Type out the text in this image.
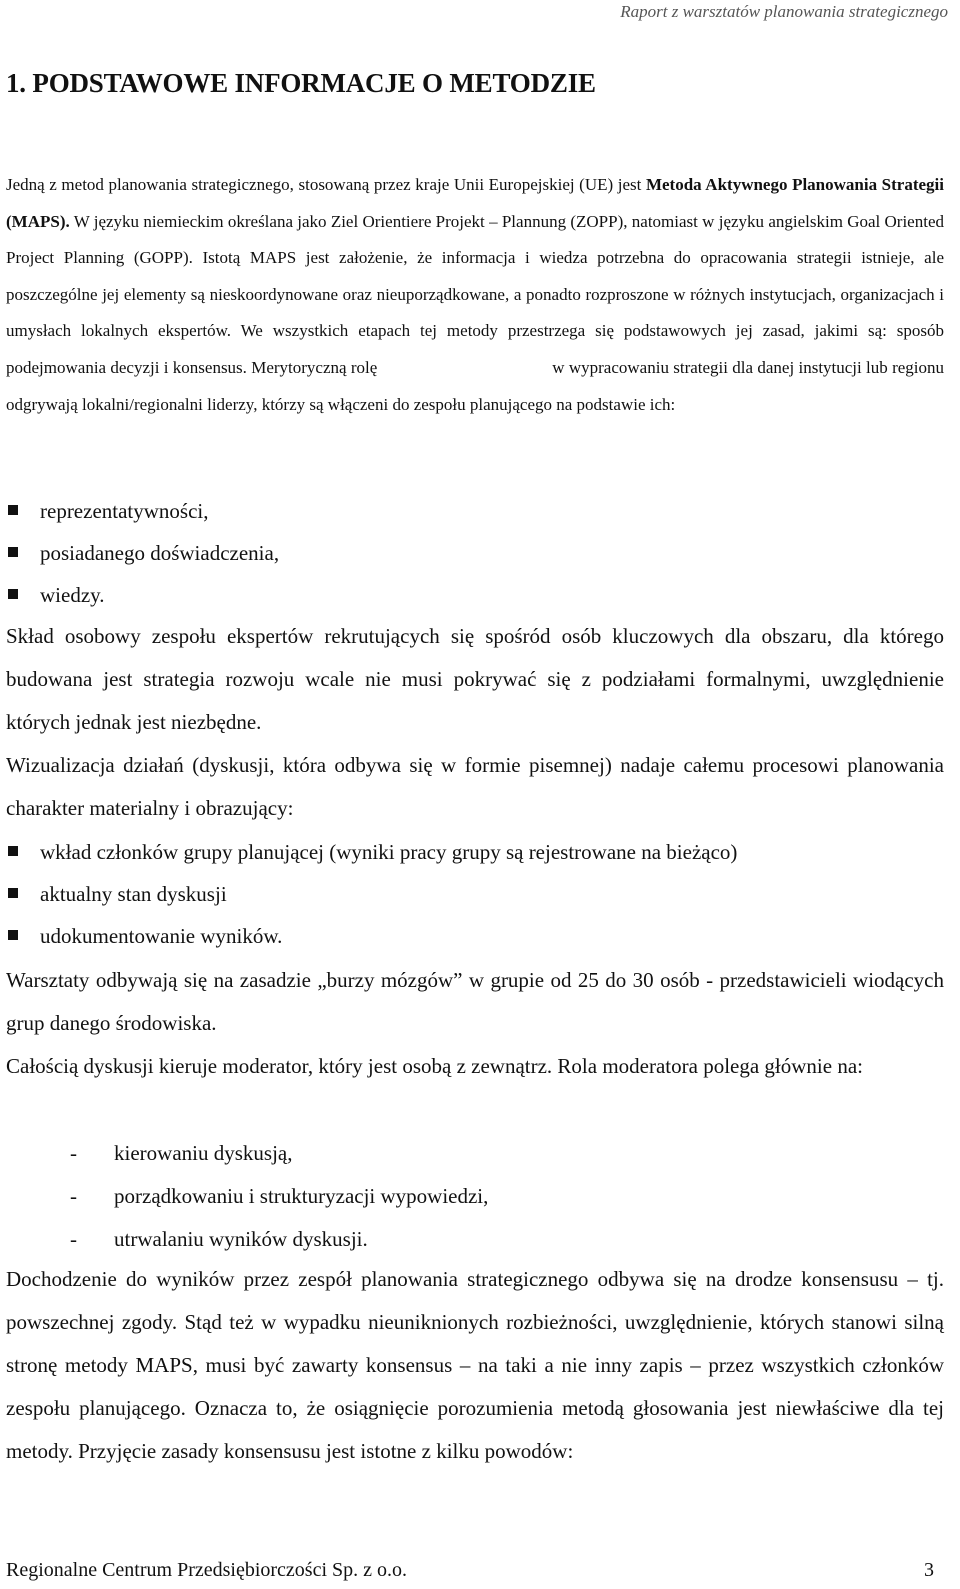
Raport z warsztatów planowania strategicznego
1. PODSTAWOWE INFORMACJE O METODZIE
Jedną z metod planowania strategicznego, stosowaną przez kraje Unii Europejskiej (UE) jest Metoda Aktywnego Planowania Strategii (MAPS). W języku niemieckim określana jako Ziel Orientiere Projekt – Plannung (ZOPP), natomiast w języku angielskim Goal Oriented Project Planning (GOPP). Istotą MAPS jest założenie, że informacja i wiedza potrzebna do opracowania strategii istnieje, ale poszczególne jej elementy są nieskoordynowane oraz nieuporządkowane, a ponadto rozproszone w różnych instytucjach, organizacjach i umysłach lokalnych ekspertów. We wszystkich etapach tej metody przestrzega się podstawowych jej zasad, jakimi są: sposób podejmowania decyzji i konsensus. Merytoryczną rolę	w wypracowaniu strategii dla danej instytucji lub regionu odgrywają lokalni/regionalni liderzy, którzy są włączeni do zespołu planującego na podstawie ich:
reprezentatywności,
posiadanego doświadczenia,
wiedzy.
Skład osobowy zespołu ekspertów rekrutujących się spośród osób kluczowych dla obszaru, dla którego budowana jest strategia rozwoju wcale nie musi pokrywać się z podziałami formalnymi, uwzględnienie których jednak jest niezbędne.
Wizualizacja działań (dyskusji, która odbywa się w formie pisemnej) nadaje całemu procesowi planowania charakter materialny i obrazujący:
wkład członków grupy planującej (wyniki pracy grupy są rejestrowane na bieżąco)
aktualny stan dyskusji
udokumentowanie wyników.
Warsztaty odbywają się na zasadzie „burzy mózgów” w grupie od 25 do 30 osób - przedstawicieli wiodących grup danego środowiska.
Całością dyskusji kieruje moderator, który jest osobą z zewnątrz. Rola moderatora polega głównie na:
- kierowaniu dyskusją,
- porządkowaniu i strukturyzacji wypowiedzi,
- utrwalaniu wyników dyskusji.
Dochodzenie do wyników przez zespół planowania strategicznego odbywa się na drodze konsensusu – tj. powszechnej zgody. Stąd też w wypadku nieuniknionych rozbieżności, uwzględnienie, których stanowi silną stronę metody MAPS, musi być zawarty konsensus – na taki a nie inny zapis – przez wszystkich członków zespołu planującego. Oznacza to, że osiągnięcie porozumienia metodą głosowania jest niewłaściwe dla tej metody. Przyjęcie zasady konsensusu jest istotne z kilku powodów:
Regionalne Centrum Przedsiębiorczości Sp. z o.o.	3
